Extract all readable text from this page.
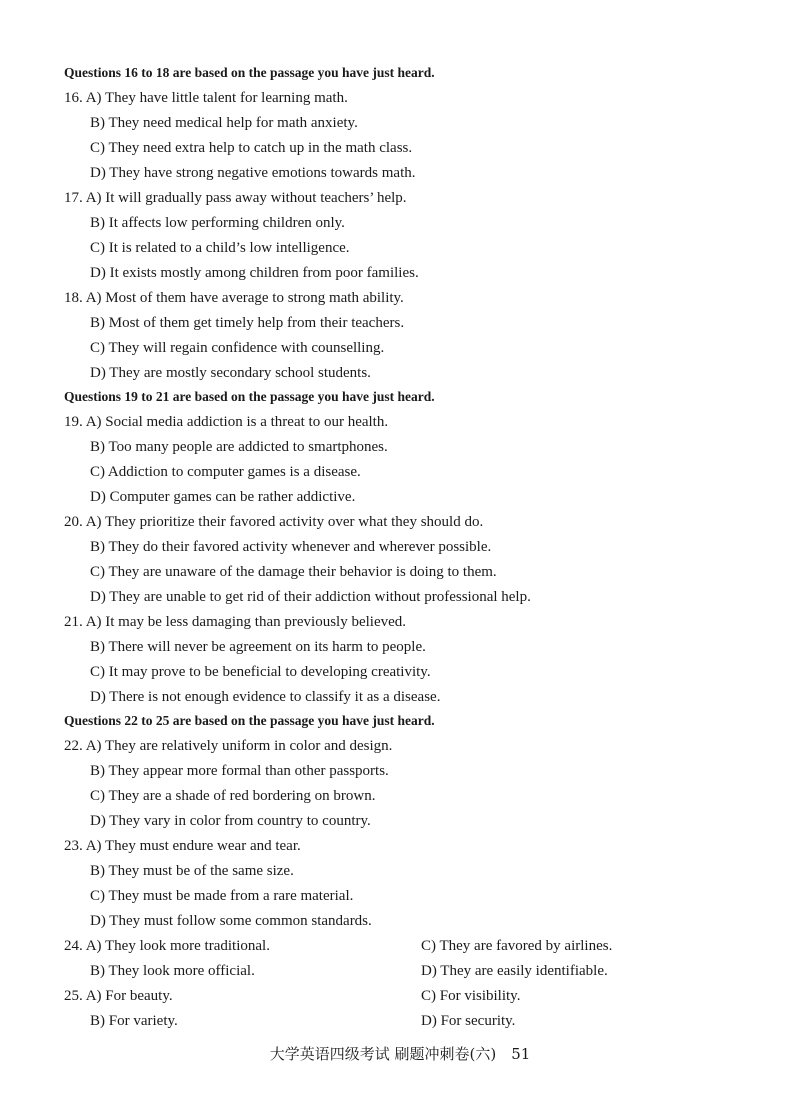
Questions 16 to 18 are based on the passage you have just heard.
16. A) They have little talent for learning math.
B) They need medical help for math anxiety.
C) They need extra help to catch up in the math class.
D) They have strong negative emotions towards math.
17. A) It will gradually pass away without teachers’ help.
B) It affects low performing children only.
C) It is related to a child’s low intelligence.
D) It exists mostly among children from poor families.
18. A) Most of them have average to strong math ability.
B) Most of them get timely help from their teachers.
C) They will regain confidence with counselling.
D) They are mostly secondary school students.
Questions 19 to 21 are based on the passage you have just heard.
19. A) Social media addiction is a threat to our health.
B) Too many people are addicted to smartphones.
C) Addiction to computer games is a disease.
D) Computer games can be rather addictive.
20. A) They prioritize their favored activity over what they should do.
B) They do their favored activity whenever and wherever possible.
C) They are unaware of the damage their behavior is doing to them.
D) They are unable to get rid of their addiction without professional help.
21. A) It may be less damaging than previously believed.
B) There will never be agreement on its harm to people.
C) It may prove to be beneficial to developing creativity.
D) There is not enough evidence to classify it as a disease.
Questions 22 to 25 are based on the passage you have just heard.
22. A) They are relatively uniform in color and design.
B) They appear more formal than other passports.
C) They are a shade of red bordering on brown.
D) They vary in color from country to country.
23. A) They must endure wear and tear.
B) They must be of the same size.
C) They must be made from a rare material.
D) They must follow some common standards.
24. A) They look more traditional.	C) They are favored by airlines.
B) They look more official.	D) They are easily identifiable.
25. A) For beauty.	C) For visibility.
B) For variety.	D) For security.
大学英语四级考试 刷题冲刺卷(六)　51
